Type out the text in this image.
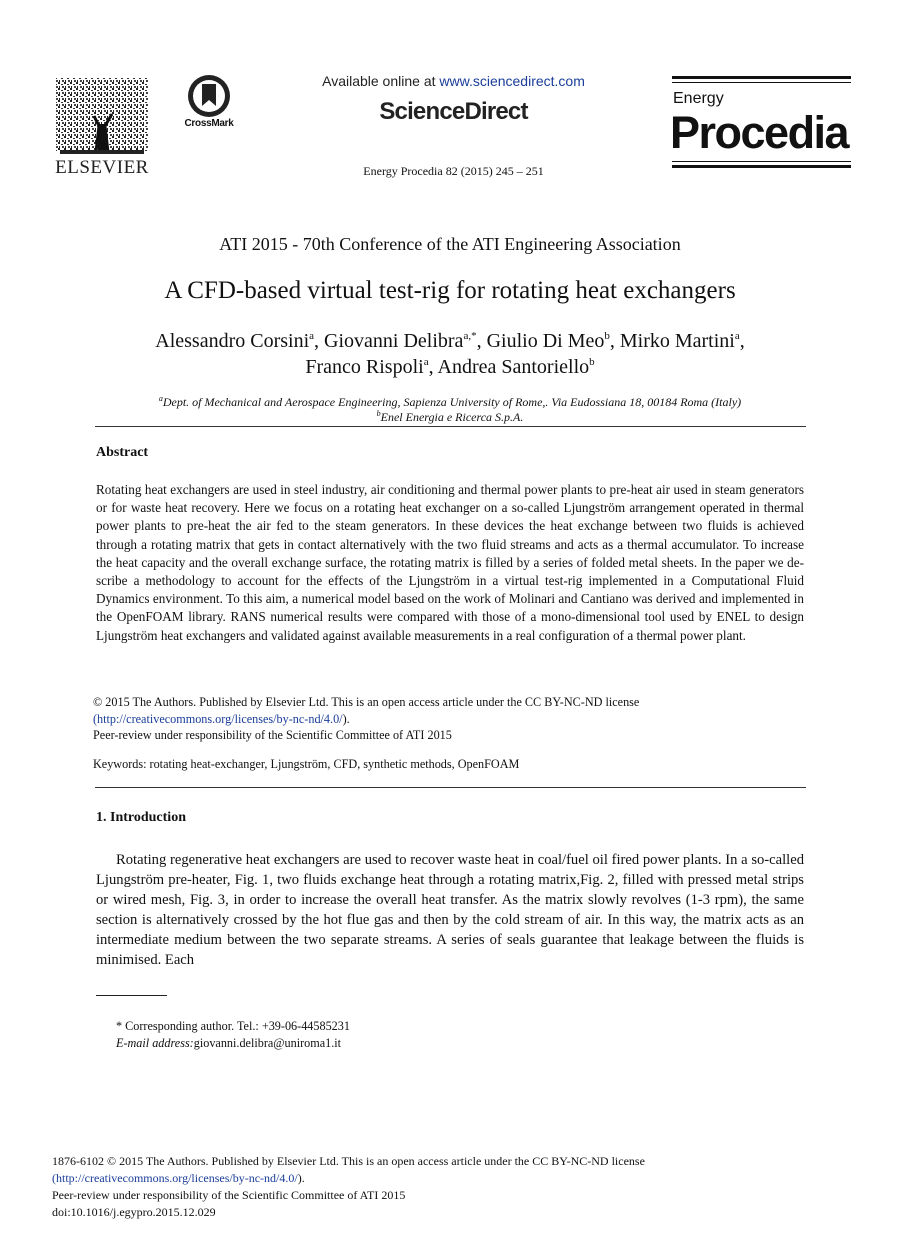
ELSEVIER
CrossMark
Available online at www.sciencedirect.com
ScienceDirect
Energy Procedia 82 (2015) 245 – 251
Energy
Procedia
ATI 2015 - 70th Conference of the ATI Engineering Association
A CFD-based virtual test-rig for rotating heat exchangers
Alessandro Corsini$^a$, Giovanni Delibra$^{a,*}$, Giulio Di Meo$^b$, Mirko Martini$^a$,
Franco Rispoli$^a$, Andrea Santoriello$^b$
$^a$Dept. of Mechanical and Aerospace Engineering, Sapienza University of Rome,. Via Eudossiana 18, 00184 Roma (Italy)
$^b$Enel Energia e Ricerca S.p.A.
Abstract
Rotating heat exchangers are used in steel industry, air conditioning and thermal power plants to pre-heat air used in steam generators or for waste heat recovery. Here we focus on a rotating heat exchanger on a so-called Ljungström arrangement operated in thermal power plants to pre-heat the air fed to the steam generators. In these devices the heat exchange between two fluids is achieved through a rotating matrix that gets in contact alternatively with the two fluid streams and acts as a thermal accumulator. To increase the heat capacity and the overall exchange surface, the rotating matrix is filled by a series of folded metal sheets. In the paper we de-scribe a methodology to account for the effects of the Ljungström in a virtual test-rig implemented in a Computational Fluid Dynamics environment. To this aim, a numerical model based on the work of Molinari and Cantiano was derived and implemented in the OpenFOAM library. RANS numerical results were compared with those of a mono-dimensional tool used by ENEL to design Ljungström heat exchangers and validated against available measurements in a real configuration of a thermal power plant.
© 2015 The Authors. Published by Elsevier Ltd. This is an open access article under the CC BY-NC-ND license
(http://creativecommons.org/licenses/by-nc-nd/4.0/).
Peer-review under responsibility of the Scientific Committee of ATI 2015
Keywords: rotating heat-exchanger, Ljungström, CFD, synthetic methods, OpenFOAM
1. Introduction
Rotating regenerative heat exchangers are used to recover waste heat in coal/fuel oil fired power plants. In a so-called Ljungström pre-heater, Fig. 1, two fluids exchange heat through a rotating matrix,Fig. 2, filled with pressed metal strips or wired mesh, Fig. 3, in order to increase the overall heat transfer. As the matrix slowly revolves (1-3 rpm), the same section is alternatively crossed by the hot flue gas and then by the cold stream of air. In this way, the matrix acts as an intermediate medium between the two separate streams. A series of seals guarantee that leakage between the fluids is minimised. Each
* Corresponding author. Tel.: +39-06-44585231
E-mail address:giovanni.delibra@uniroma1.it
1876-6102 © 2015 The Authors. Published by Elsevier Ltd. This is an open access article under the CC BY-NC-ND license
(http://creativecommons.org/licenses/by-nc-nd/4.0/).
Peer-review under responsibility of the Scientific Committee of ATI 2015
doi:10.1016/j.egypro.2015.12.029
